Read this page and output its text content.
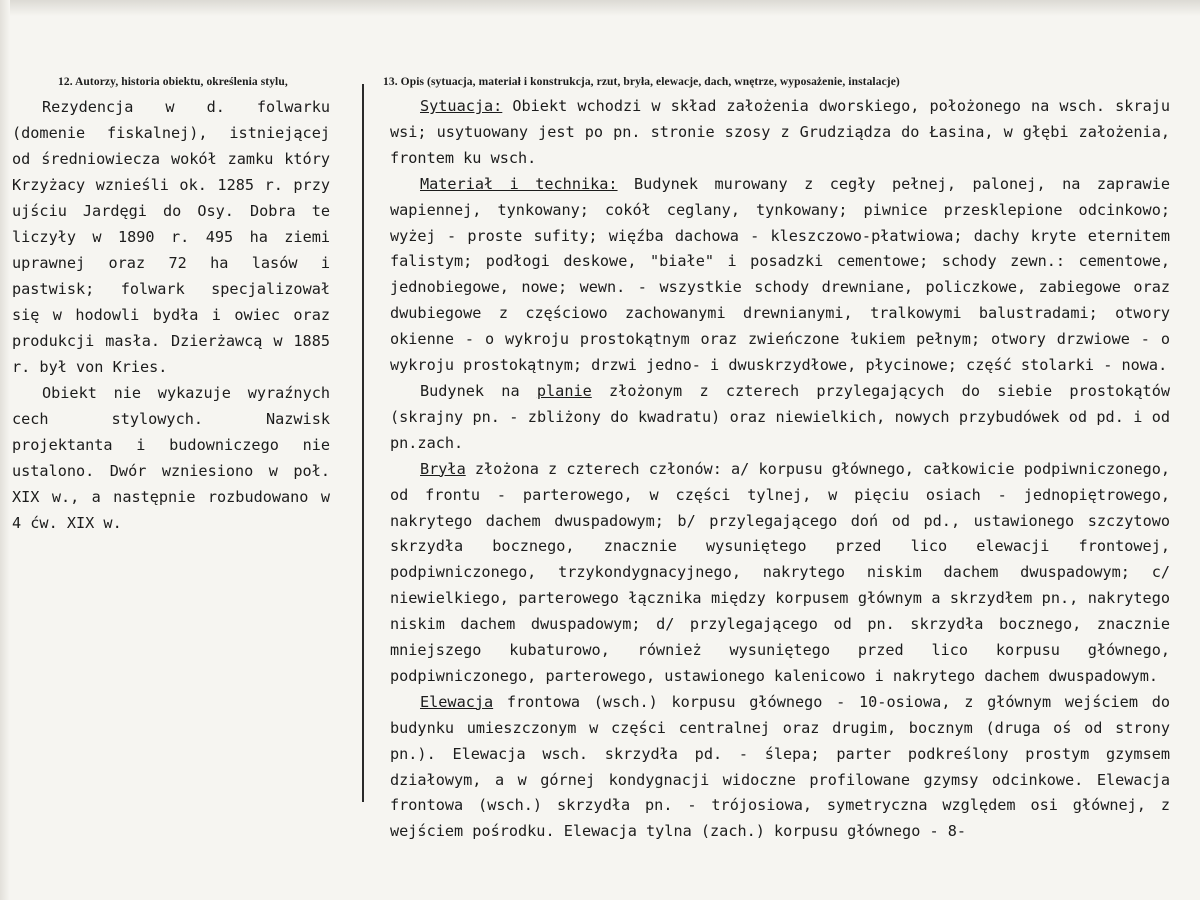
12. Autorzy, historia obiektu, określenia stylu,	13. Opis (sytuacja, materiał i konstrukcja, rzut, bryła, elewacje, dach, wnętrze, wyposażenie, instalacje)

Rezydencja w d. folwarku (domenie fiskalnej), istniejącej od średniowiecza wokół zamku który Krzyżacy wznieśli ok. 1285 r. przy ujściu Jardęgi do Osy. Dobra te liczyły w 1890 r. 495 ha ziemi uprawnej oraz 72 ha lasów i pastwisk; folwark specjalizował się w hodowli bydła i owiec oraz produkcji masła. Dzierżawcą w 1885 r. był von Kries.

Obiekt nie wykazuje wyraźnych cech stylowych. Nazwisk projektanta i budowniczego nie ustalono. Dwór wzniesiono w poł. XIX w., a następnie rozbudowano w 4 ćw. XIX w.

Sytuacja: Obiekt wchodzi w skład założenia dworskiego, położonego na wsch. skraju wsi; usytuowany jest po pn. stronie szosy z Grudziądza do Łasina, w głębi założenia, frontem ku wsch.

Materiał i technika: Budynek murowany z cegły pełnej, palonej, na zaprawie wapiennej, tynkowany; cokół ceglany, tynkowany; piwnice przesklepione odcinkowo; wyżej - proste sufity; więźba dachowa - kleszczowo-płatwiowa; dachy kryte eternitem falistym; podłogi deskowe, "białe" i posadzki cementowe; schody zewn.: cementowe, jednobiegowe, nowe; wewn. - wszystkie schody drewniane, policzkowe, zabiegowe oraz dwubiegowe z częściowo zachowanymi drewnianymi, tralkowymi balustradami; otwory okienne - o wykroju prostokątnym oraz zwieńczone łukiem pełnym; otwory drzwiowe - o wykroju prostokątnym; drzwi jedno- i dwuskrzydłowe, płycinowe; część stolarki - nowa.

Budynek na planie złożonym z czterech przylegających do siebie prostokątów (skrajny pn. - zbliżony do kwadratu) oraz niewielkich, nowych przybudówek od pd. i od pn.zach.

Bryła złożona z czterech członów: a/ korpusu głównego, całkowicie podpiwniczonego, od frontu - parterowego, w części tylnej, w pięciu osiach - jednopiętrowego, nakrytego dachem dwuspadowym; b/ przylegającego doń od pd., ustawionego szczytowo skrzydła bocznego, znacznie wysuniętego przed lico elewacji frontowej, podpiwniczonego, trzykondygnacyjnego, nakrytego niskim dachem dwuspadowym; c/ niewielkiego, parterowego łącznika między korpusem głównym a skrzydłem pn., nakrytego niskim dachem dwuspadowym; d/ przylegającego od pn. skrzydła bocznego, znacznie mniejszego kubaturowo, również wysuniętego przed lico korpusu głównego, podpiwniczonego, parterowego, ustawionego kalenicowo i nakrytego dachem dwuspadowym.

Elewacja frontowa (wsch.) korpusu głównego - 10-osiowa, z głównym wejściem do budynku umieszczonym w części centralnej oraz drugim, bocznym (druga oś od strony pn.). Elewacja wsch. skrzydła pd. - ślepa; parter podkreślony prostym gzymsem działowym, a w górnej kondygnacji widoczne profilowane gzymsy odcinkowe. Elewacja frontowa (wsch.) skrzydła pn. - trójosiowa, symetryczna względem osi głównej, z wejściem pośrodku. Elewacja tylna (zach.) korpusu głównego - 8-
